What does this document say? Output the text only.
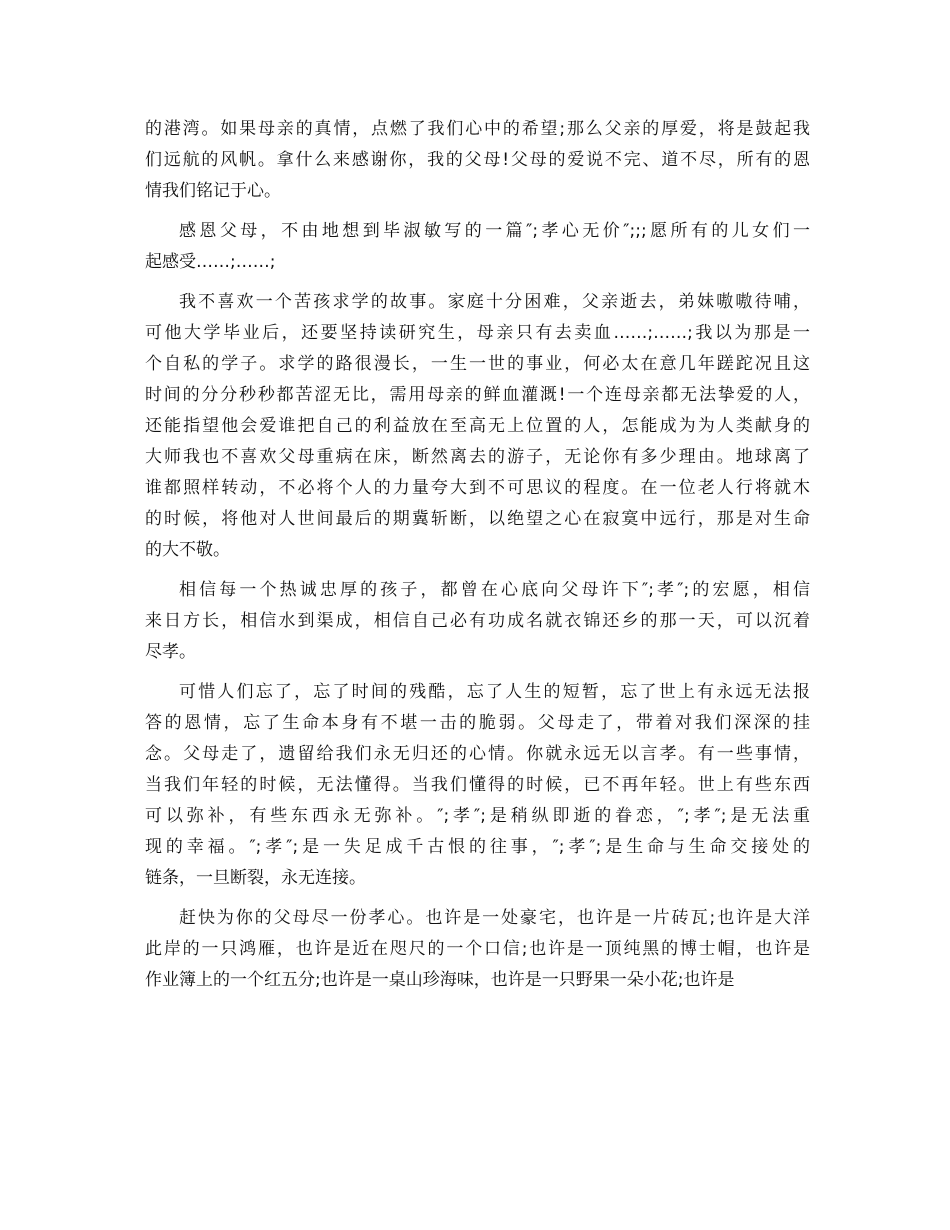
的港湾。如果母亲的真情，点燃了我们心中的希望;那么父亲的厚爱，将是鼓起我
们远航的风帆。拿什么来感谢你，我的父母!父母的爱说不完、道不尽，所有的恩
情我们铭记于心。
感恩父母，不由地想到毕淑敏写的一篇″;孝心无价″;;;愿所有的儿女们一
起感受……;……;
我不喜欢一个苦孩求学的故事。家庭十分困难，父亲逝去，弟妹嗷嗷待哺，
可他大学毕业后，还要坚持读研究生，母亲只有去卖血……;……;我以为那是一
个自私的学子。求学的路很漫长，一生一世的事业，何必太在意几年蹉跎况且这
时间的分分秒秒都苦涩无比，需用母亲的鲜血灌溉!一个连母亲都无法挚爱的人，
还能指望他会爱谁把自己的利益放在至高无上位置的人，怎能成为为人类献身的
大师我也不喜欢父母重病在床，断然离去的游子，无论你有多少理由。地球离了
谁都照样转动，不必将个人的力量夸大到不可思议的程度。在一位老人行将就木
的时候，将他对人世间最后的期冀斩断，以绝望之心在寂寞中远行，那是对生命
的大不敬。
相信每一个热诚忠厚的孩子，都曾在心底向父母许下″;孝″;的宏愿，相信
来日方长，相信水到渠成，相信自己必有功成名就衣锦还乡的那一天，可以沉着
尽孝。
可惜人们忘了，忘了时间的残酷，忘了人生的短暂，忘了世上有永远无法报
答的恩情，忘了生命本身有不堪一击的脆弱。父母走了，带着对我们深深的挂
念。父母走了，遗留给我们永无归还的心情。你就永远无以言孝。有一些事情，
当我们年轻的时候，无法懂得。当我们懂得的时候，已不再年轻。世上有些东西
可以弥补，有些东西永无弥补。″;孝″;是稍纵即逝的眷恋，″;孝″;是无法重
现的幸福。″;孝″;是一失足成千古恨的往事，″;孝″;是生命与生命交接处的
链条，一旦断裂，永无连接。
赶快为你的父母尽一份孝心。也许是一处豪宅，也许是一片砖瓦;也许是大洋
此岸的一只鸿雁，也许是近在咫尺的一个口信;也许是一顶纯黑的博士帽，也许是
作业簿上的一个红五分;也许是一桌山珍海味，也许是一只野果一朵小花;也许是
